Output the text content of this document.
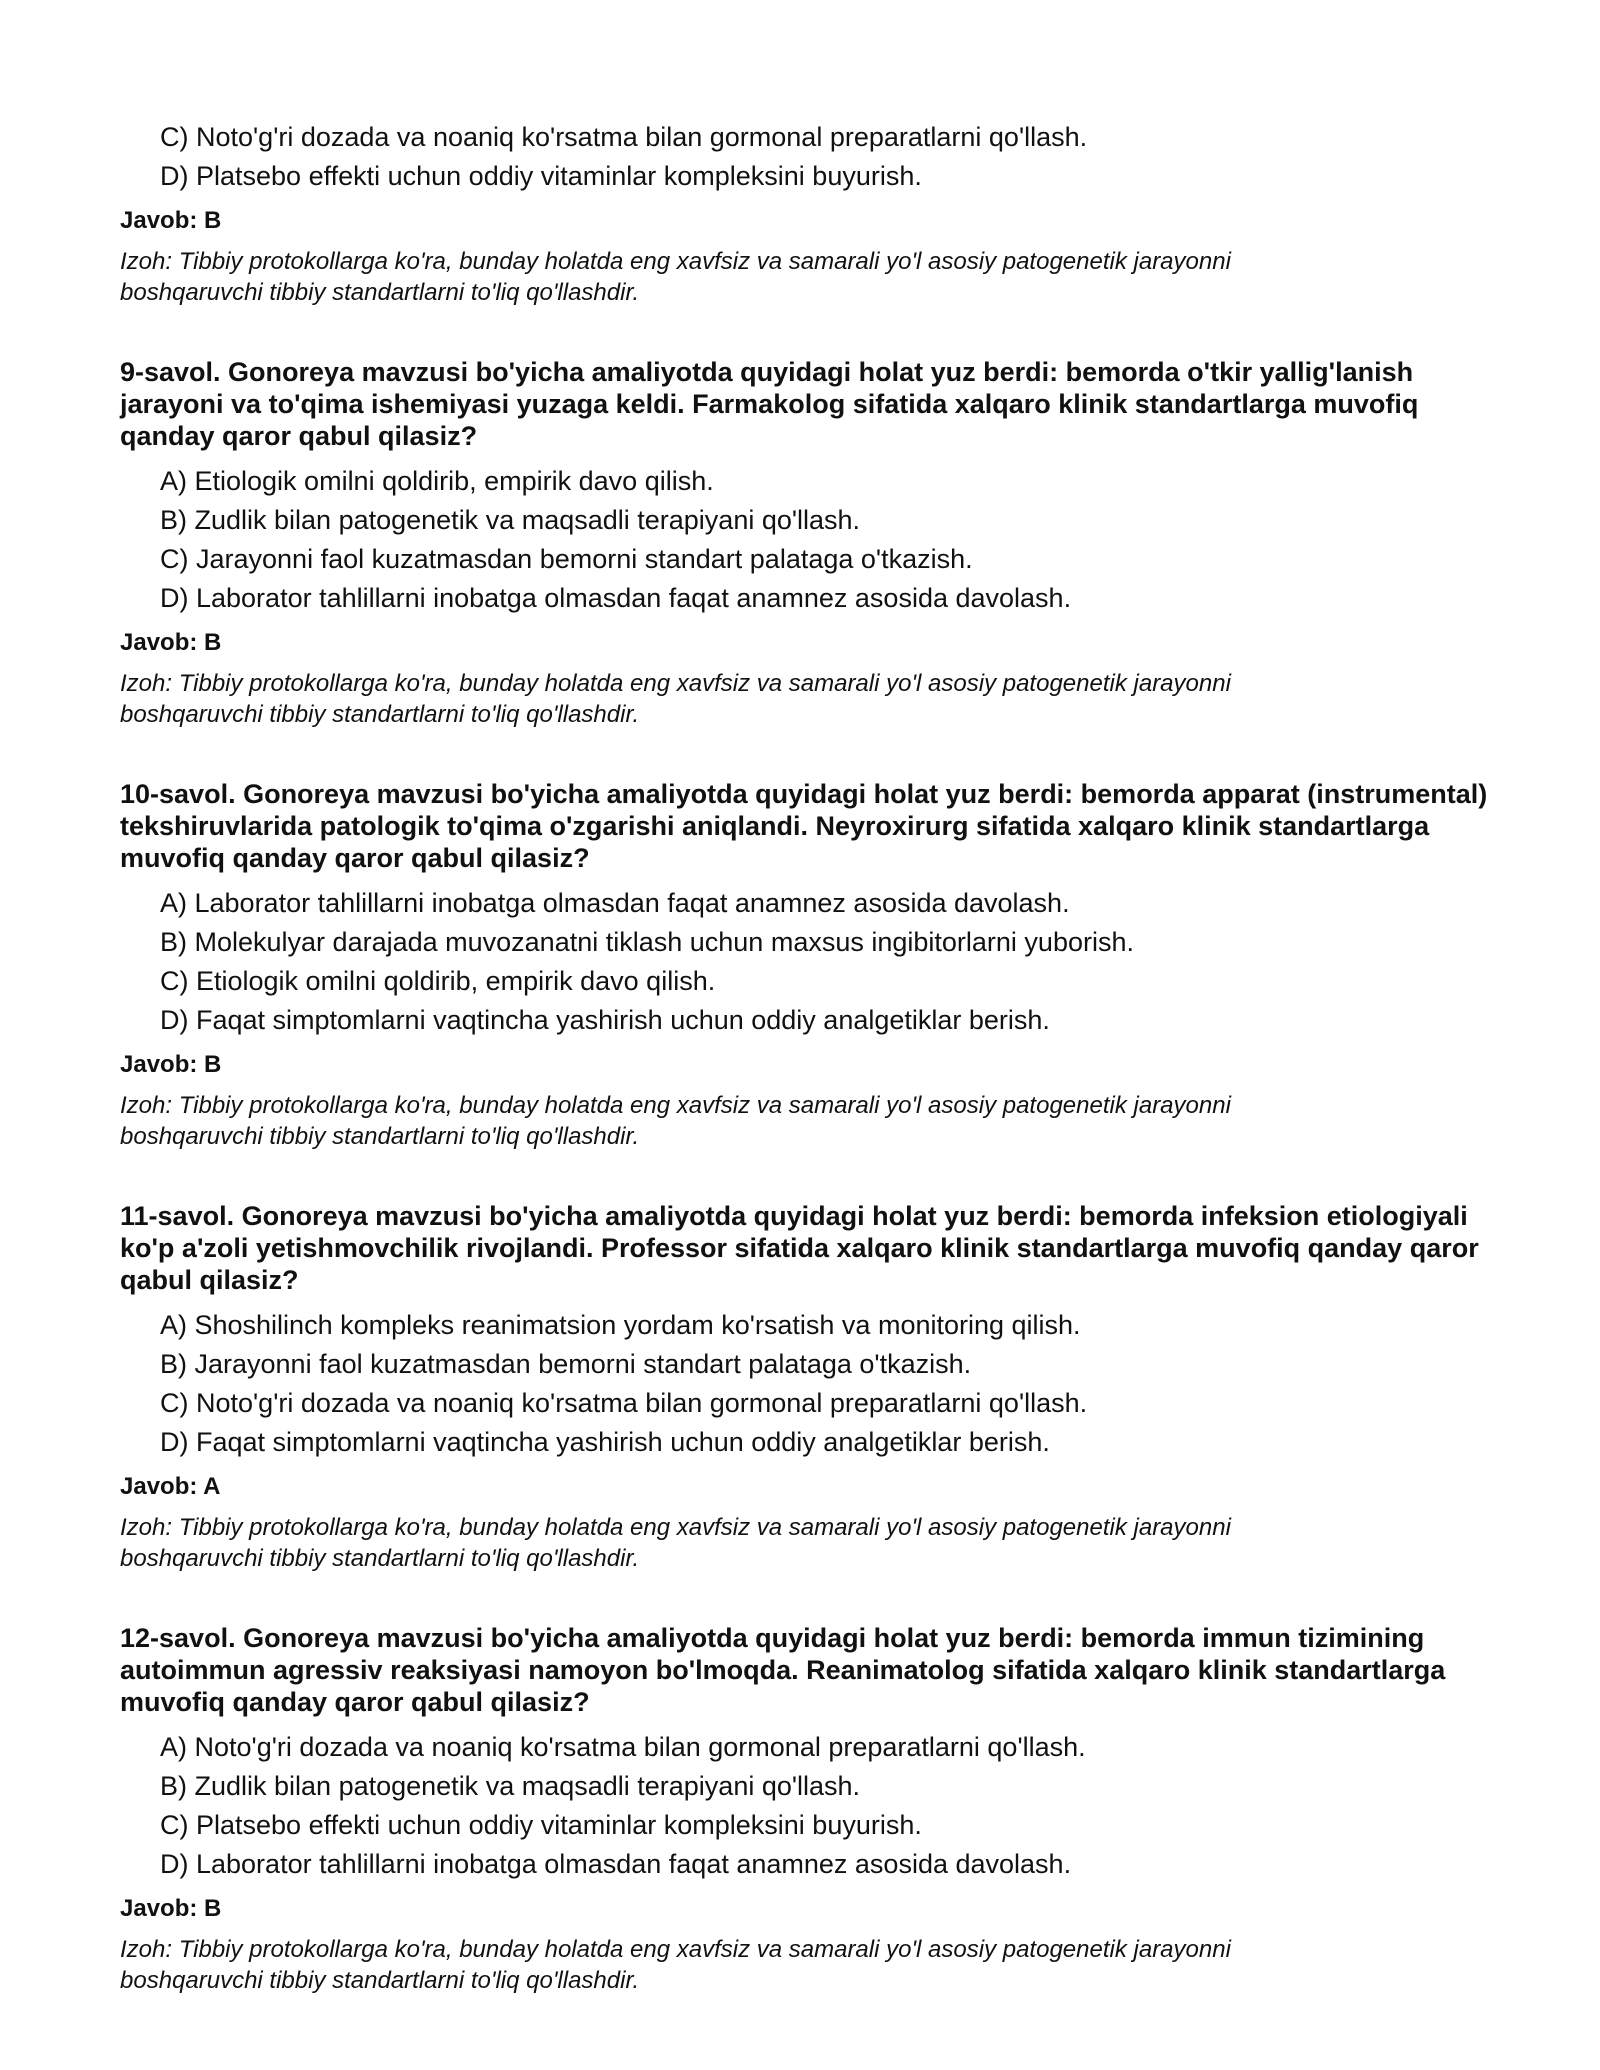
C) Noto'g'ri dozada va noaniq ko'rsatma bilan gormonal preparatlarni qo'llash.
D) Platsebo effekti uchun oddiy vitaminlar kompleksini buyurish.
Javob: B
Izoh: Tibbiy protokollarga ko'ra, bunday holatda eng xavfsiz va samarali yo'l asosiy patogenetik jarayonni boshqaruvchi tibbiy standartlarni to'liq qo'llashdir.
9-savol. Gonoreya mavzusi bo'yicha amaliyotda quyidagi holat yuz berdi: bemorda o'tkir yallig'lanish jarayoni va to'qima ishemiyasi yuzaga keldi. Farmakolog sifatida xalqaro klinik standartlarga muvofiq qanday qaror qabul qilasiz?
A) Etiologik omilni qoldirib, empirik davo qilish.
B) Zudlik bilan patogenetik va maqsadli terapiyani qo'llash.
C) Jarayonni faol kuzatmasdan bemorni standart palataga o'tkazish.
D) Laborator tahlillarni inobatga olmasdan faqat anamnez asosida davolash.
Javob: B
Izoh: Tibbiy protokollarga ko'ra, bunday holatda eng xavfsiz va samarali yo'l asosiy patogenetik jarayonni boshqaruvchi tibbiy standartlarni to'liq qo'llashdir.
10-savol. Gonoreya mavzusi bo'yicha amaliyotda quyidagi holat yuz berdi: bemorda apparat (instrumental) tekshiruvlarida patologik to'qima o'zgarishi aniqlandi. Neyroxirurg sifatida xalqaro klinik standartlarga muvofiq qanday qaror qabul qilasiz?
A) Laborator tahlillarni inobatga olmasdan faqat anamnez asosida davolash.
B) Molekulyar darajada muvozanatni tiklash uchun maxsus ingibitorlarni yuborish.
C) Etiologik omilni qoldirib, empirik davo qilish.
D) Faqat simptomlarni vaqtincha yashirish uchun oddiy analgetiklar berish.
Javob: B
Izoh: Tibbiy protokollarga ko'ra, bunday holatda eng xavfsiz va samarali yo'l asosiy patogenetik jarayonni boshqaruvchi tibbiy standartlarni to'liq qo'llashdir.
11-savol. Gonoreya mavzusi bo'yicha amaliyotda quyidagi holat yuz berdi: bemorda infeksion etiologiyali ko'p a'zoli yetishmovchilik rivojlandi. Professor sifatida xalqaro klinik standartlarga muvofiq qanday qaror qabul qilasiz?
A) Shoshilinch kompleks reanimatsion yordam ko'rsatish va monitoring qilish.
B) Jarayonni faol kuzatmasdan bemorni standart palataga o'tkazish.
C) Noto'g'ri dozada va noaniq ko'rsatma bilan gormonal preparatlarni qo'llash.
D) Faqat simptomlarni vaqtincha yashirish uchun oddiy analgetiklar berish.
Javob: A
Izoh: Tibbiy protokollarga ko'ra, bunday holatda eng xavfsiz va samarali yo'l asosiy patogenetik jarayonni boshqaruvchi tibbiy standartlarni to'liq qo'llashdir.
12-savol. Gonoreya mavzusi bo'yicha amaliyotda quyidagi holat yuz berdi: bemorda immun tizimining autoimmun agressiv reaksiyasi namoyon bo'lmoqda. Reanimatolog sifatida xalqaro klinik standartlarga muvofiq qanday qaror qabul qilasiz?
A) Noto'g'ri dozada va noaniq ko'rsatma bilan gormonal preparatlarni qo'llash.
B) Zudlik bilan patogenetik va maqsadli terapiyani qo'llash.
C) Platsebo effekti uchun oddiy vitaminlar kompleksini buyurish.
D) Laborator tahlillarni inobatga olmasdan faqat anamnez asosida davolash.
Javob: B
Izoh: Tibbiy protokollarga ko'ra, bunday holatda eng xavfsiz va samarali yo'l asosiy patogenetik jarayonni boshqaruvchi tibbiy standartlarni to'liq qo'llashdir.
